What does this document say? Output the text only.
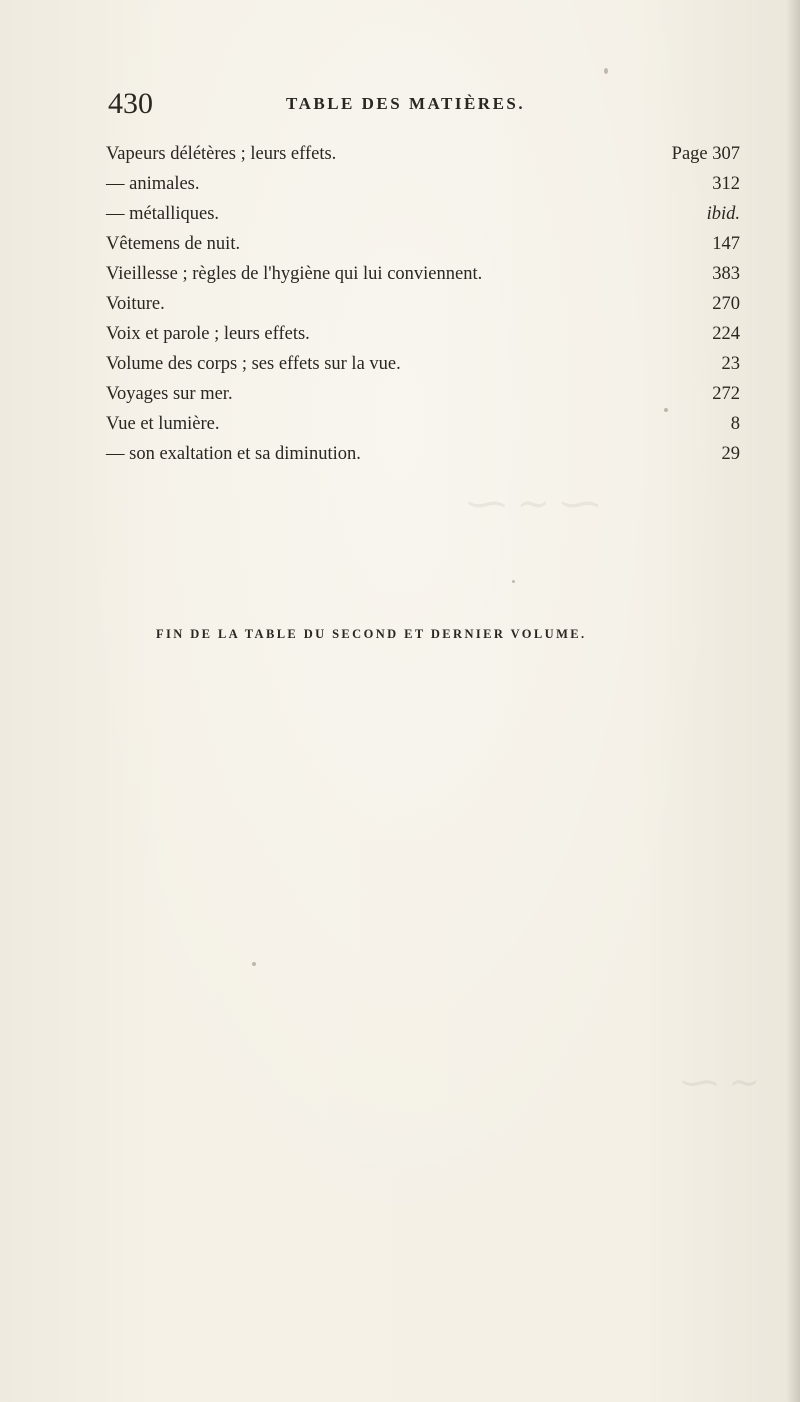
⁓ ∽ ⁓
∽ ⁓
430	TABLE DES MATIÈRES.
Vapeurs délétères ; leurs effets.	Page 307
— animales.	312
— métalliques.	ibid.
Vêtemens de nuit.	147
Vieillesse ; règles de l'hygiène qui lui conviennent.	383
Voiture.	270
Voix et parole ; leurs effets.	224
Volume des corps ; ses effets sur la vue.	23
Voyages sur mer.	272
Vue et lumière.	8
— son exaltation et sa diminution.	29
FIN DE LA TABLE DU SECOND ET DERNIER VOLUME.
